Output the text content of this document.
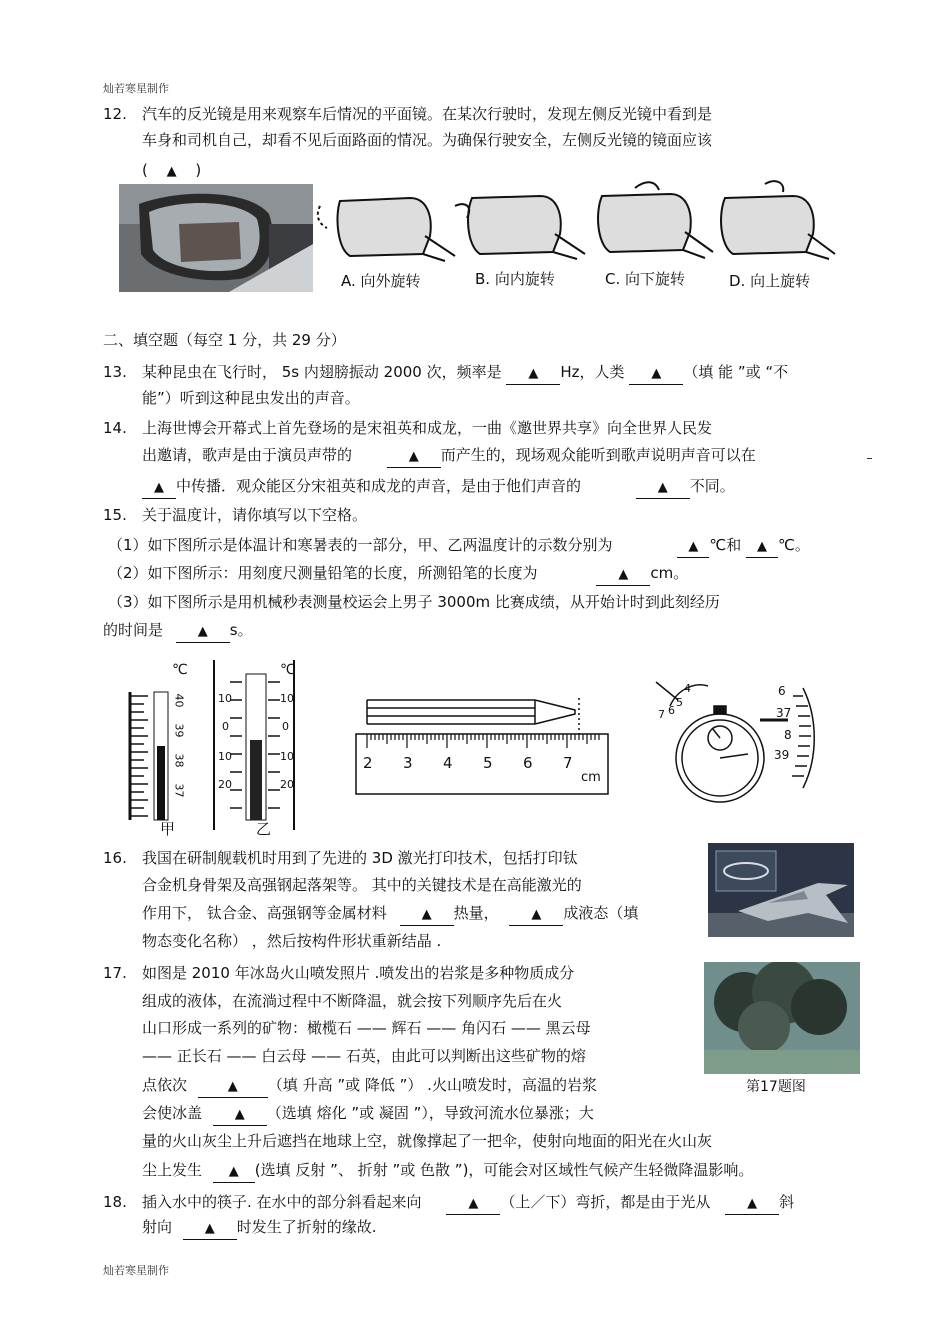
灿若寒星制作
灿若寒星制作
12. 汽车的反光镜是用来观察车后情况的平面镜。在某次行驶时，发现左侧反光镜中看到是
车身和司机自己，却看不见后面路面的情况。为确保行驶安全，左侧反光镜的镜面应该
( ▲ )
A. 向外旋转	B. 向内旋转	C. 向下旋转	D. 向上旋转
二、填空题（每空 1 分，共 29 分）
13. 某种昆虫在飞行时， 5s 内翅膀振动 2000 次，频率是 ▲ Hz，人类 ▲ （填 能 ”或 “不
能”）听到这种昆虫发出的声音。
14. 上海世博会开幕式上首先登场的是宋祖英和成龙，一曲《邀世界共享》向全世界人民发
出邀请，歌声是由于演员声带的	▲ 而产生的，现场观众能听到歌声说明声音可以在
▲ 中传播．观众能区分宋祖英和成龙的声音，是由于他们声音的	▲ 不同。
15. 关于温度计，请你填写以下空格。
（1）如下图所示是体温计和寒暑表的一部分，甲、乙两温度计的示数分别为	▲ ℃和 ▲ ℃。
（2）如下图所示：用刻度尺测量铅笔的长度，所测铅笔的长度为	▲ cm。
（3）如下图所示是用机械秒表测量校运会上男子 3000m 比赛成绩，从开始计时到此刻经历
的时间是	▲ s。
℃	℃
40
39
38
37
10
0
10
20
10
0
10
20
甲	乙
2 3 4 5 6 7
cm
4
5
6
7
6
37
8
39
16. 我国在研制舰载机时用到了先进的 3D 激光打印技术，包括打印钛
合金机身骨架及高强钢起落架等。 其中的关键技术是在高能激光的
作用下， 钛合金、高强钢等金属材料	▲ 热量，	▲ 成液态（填
物态变化名称） ，然后按构件形状重新结晶 .
17. 如图是 2010 年冰岛火山喷发照片 .喷发出的岩浆是多种物质成分
组成的液体，在流淌过程中不断降温，就会按下列顺序先后在火
山口形成一系列的矿物：橄榄石 —— 辉石 —— 角闪石 —— 黑云母
—— 正长石 —— 白云母 —— 石英，由此可以判断出这些矿物的熔
点依次	▲ （填 升高 ”或 降低 ”） .火山喷发时，高温的岩浆
会使冰盖	▲ （选填 熔化 ”或 凝固 ”），导致河流水位暴涨；大
量的火山灰尘上升后遮挡在地球上空，就像撑起了一把伞，使射向地面的阳光在火山灰
尘上发生 ▲ (选填 反射 ”、 折射 ”或 色散 ”)，可能会对区域性气候产生轻微降温影响。
第17题图
18. 插入水中的筷子. 在水中的部分斜看起来向	▲ （上／下）弯折，都是由于光从	▲ 斜
射向	▲ 时发生了折射的缘故.
